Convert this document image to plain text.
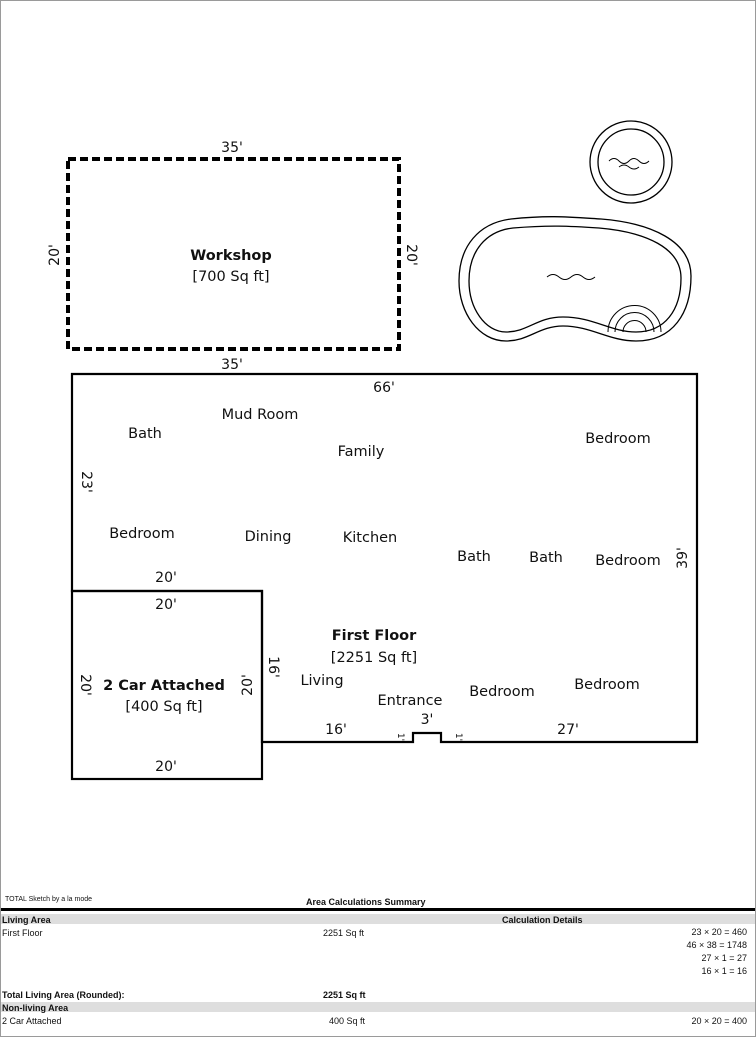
35'
35'
20'	20'
Workshop
[700 Sq ft]
66'
23'
39'
20'
16'
16'	27'
3'
1'	1'
First Floor
[2251 Sq ft]
Mud Room
Bath
Family
Bedroom
Bedroom	Dining	Kitchen
Bath	Bath Bedroom
Living
Entrance
Bedroom	Bedroom
20'
20'
20'	20'
2 Car Attached
[400 Sq ft]
TOTAL Sketch by a la mode	Area Calculations Summary
Living Area	Calculation Details
First Floor	2251 Sq ft	23 × 20 = 460
46 × 38 = 1748
27 × 1 = 27
16 × 1 = 16
Total Living Area (Rounded):	2251 Sq ft
Non-living Area
2 Car Attached	400 Sq ft	20 × 20 = 400
